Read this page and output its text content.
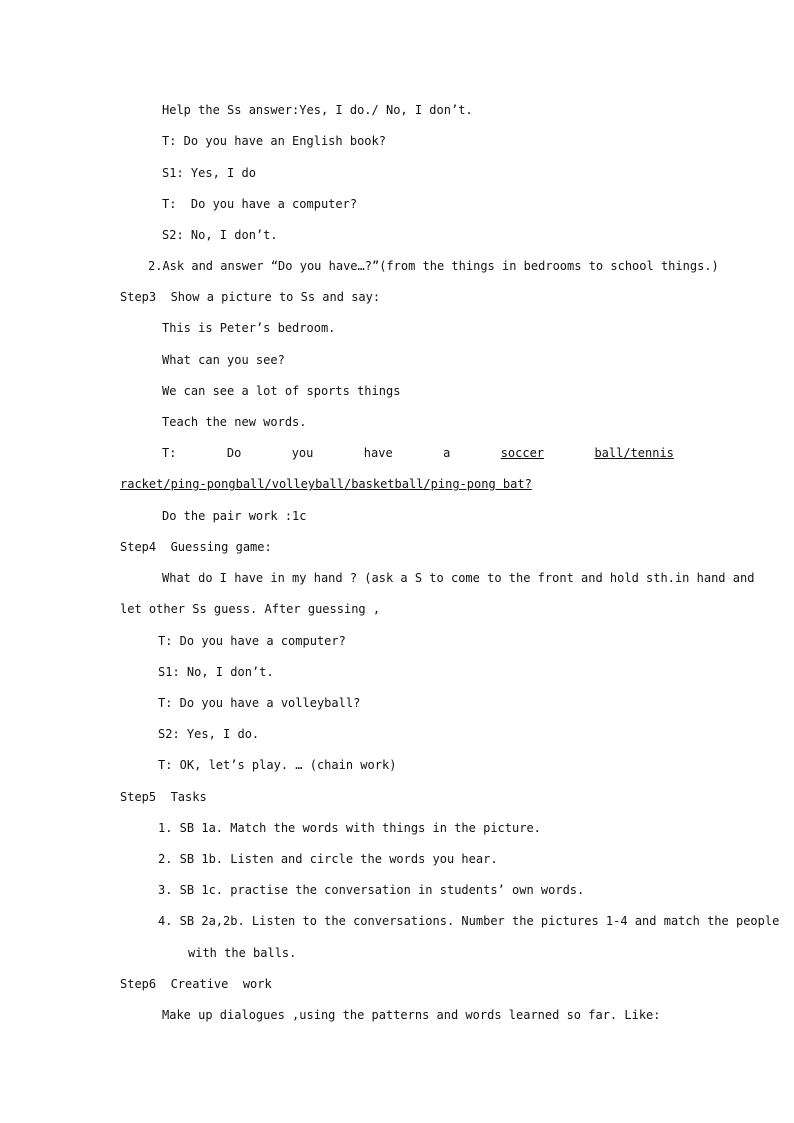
Help the Ss answer:Yes, I do./ No, I don’t.
T: Do you have an English book?
S1: Yes, I do
T:  Do you have a computer?
S2: No, I don’t.
2.Ask and answer “Do you have…?”(from the things in bedrooms to school things.)
Step3  Show a picture to Ss and say:
This is Peter’s bedroom.
What can you see?
We can see a lot of sports things
Teach the new words.
T:	Do	you	have	a	soccer	ball/tennis
racket/ping-pongball/volleyball/basketball/ping-pong bat?
Do the pair work :1c
Step4  Guessing game:
What do I have in my hand ? (ask a S to come to the front and hold sth.in hand and
let other Ss guess. After guessing ,
T: Do you have a computer?
S1: No, I don’t.
T: Do you have a volleyball?
S2: Yes, I do.
T: OK, let’s play. … (chain work)
Step5  Tasks
1. SB 1a. Match the words with things in the picture.
2. SB 1b. Listen and circle the words you hear.
3. SB 1c. practise the conversation in students’ own words.
4. SB 2a,2b. Listen to the conversations. Number the pictures 1-4 and match the people
with the balls.
Step6  Creative  work
Make up dialogues ,using the patterns and words learned so far. Like:
